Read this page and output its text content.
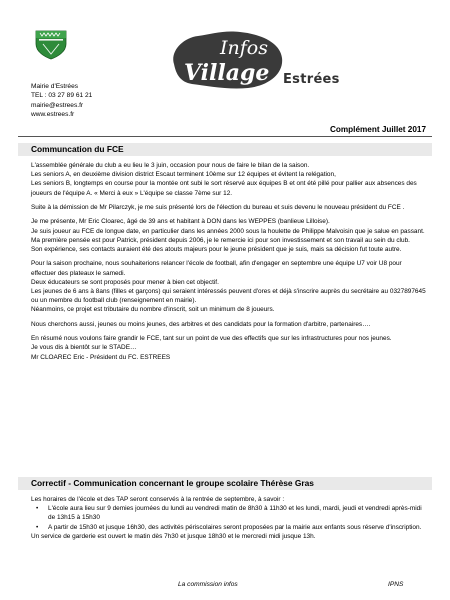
Mairie d'Estrées
TEL : 03 27 89 61 21
mairie@estrees.fr
www.estrees.fr
Infos
Village Estrées
Complément Juillet 2017
Communcation du FCE

L'assemblée générale du club a eu lieu le 3 juin, occasion pour nous de faire le bilan de la saison.

Les seniors A, en deuxième division district Escaut terminent 10ème sur 12 équipes et évitent la relégation,

Les seniors B, longtemps en course pour la montée ont subi le sort réservé aux équipes B et ont été pillé pour pallier aux absences des joueurs de l'équipe A. « Merci à eux » L'équipe se classe 7ème sur 12.

Suite à la démission de Mr Pilarczyk, je me suis présenté lors de l'élection du bureau et suis devenu le nouveau président du FCE .

Je me présente, Mr Eric Cloarec, âgé de 39 ans et habitant à DON dans les WEPPES (banlieue Lilloise).

Je suis joueur au FCE de longue date, en particulier dans les années 2000 sous la houlette de Philippe Malvoisin que je salue en passant.

Ma première pensée est pour Patrick, président depuis 2006, je le remercie ici pour son investissement et son travail au sein du club.

Son expérience, ses contacts auraient été des atouts majeurs pour le jeune président que je suis, mais sa décision fut toute autre.

Pour la saison prochaine, nous souhaiterions relancer l'école de football, afin d'engager en septembre une équipe U7 voir U8 pour effectuer des plateaux le samedi.

Deux éducateurs se sont proposés pour mener à bien cet objectif.

Les jeunes de 6 ans à 8ans (filles et garçons) qui seraient intéressés peuvent d'ores et déjà s'inscrire auprès du secrétaire au 0327897645 ou un membre du football club (renseignement en mairie).

Néanmoins, ce projet est tributaire du nombre d'inscrit, soit un minimum de 8 joueurs.

Nous cherchons aussi, jeunes ou moins jeunes, des arbitres et des candidats pour la formation d'arbitre, partenaires….

En résumé nous voulons faire grandir le FCE, tant sur un point de vue des effectifs que sur les infrastructures pour nos jeunes.

Je vous dis à bientôt sur le STADE…

Mr CLOAREC Eric - Président du FC. ESTREES

Correctif - Communication concernant le groupe scolaire Thérèse Gras

Les horaires de l'école et des TAP seront conservés à la rentrée de septembre, à savoir :

• L'école aura lieu sur 9 demies journées du lundi au vendredi matin de 8h30 à 11h30 et les lundi, mardi, jeudi et vendredi après-midi de 13h15 à 15h30

• A partir de 15h30 et jusque 16h30, des activités périscolaires seront proposées par la mairie aux enfants sous réserve d'inscription.

Un service de garderie est ouvert le matin dès 7h30 et jusque 18h30 et le mercredi midi jusque 13h.

La commission infos	IPNS
